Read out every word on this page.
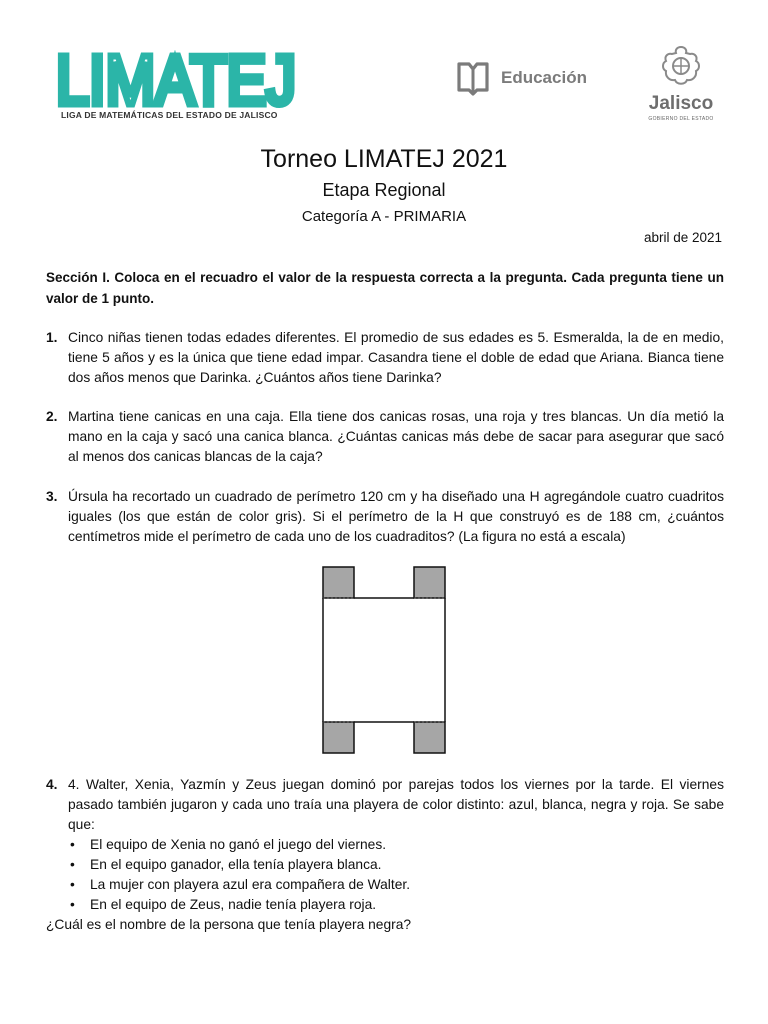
LIMATEJ
LIGA DE MATEMÁTICAS DEL ESTADO DE JALISCO
Educación
Jalisco
GOBIERNO DEL ESTADO
Torneo LIMATEJ 2021
Etapa Regional
Categoría A - PRIMARIA
abril de 2021
Sección I. Coloca en el recuadro el valor de la respuesta correcta a la pregunta. Cada pregunta tiene un valor de 1 punto.
1. Cinco niñas tienen todas edades diferentes. El promedio de sus edades es 5. Esmeralda, la de en medio, tiene 5 años y es la única que tiene edad impar. Casandra tiene el doble de edad que Ariana. Bianca tiene dos años menos que Darinka. ¿Cuántos años tiene Darinka?
2. Martina tiene canicas en una caja. Ella tiene dos canicas rosas, una roja y tres blancas. Un día metió la mano en la caja y sacó una canica blanca. ¿Cuántas canicas más debe de sacar para asegurar que sacó al menos dos canicas blancas de la caja?
3. Úrsula ha recortado un cuadrado de perímetro 120 cm y ha diseñado una H agregándole cuatro cuadritos iguales (los que están de color gris). Si el perímetro de la H que construyó es de 188 cm, ¿cuántos centímetros mide el perímetro de cada uno de los cuadraditos? (La figura no está a escala)
4. 4. Walter, Xenia, Yazmín y Zeus juegan dominó por parejas todos los viernes por la tarde. El viernes pasado también jugaron y cada uno traía una playera de color distinto: azul, blanca, negra y roja. Se sabe que:
• El equipo de Xenia no ganó el juego del viernes.
• En el equipo ganador, ella tenía playera blanca.
• La mujer con playera azul era compañera de Walter.
• En el equipo de Zeus, nadie tenía playera roja.
¿Cuál es el nombre de la persona que tenía playera negra?
